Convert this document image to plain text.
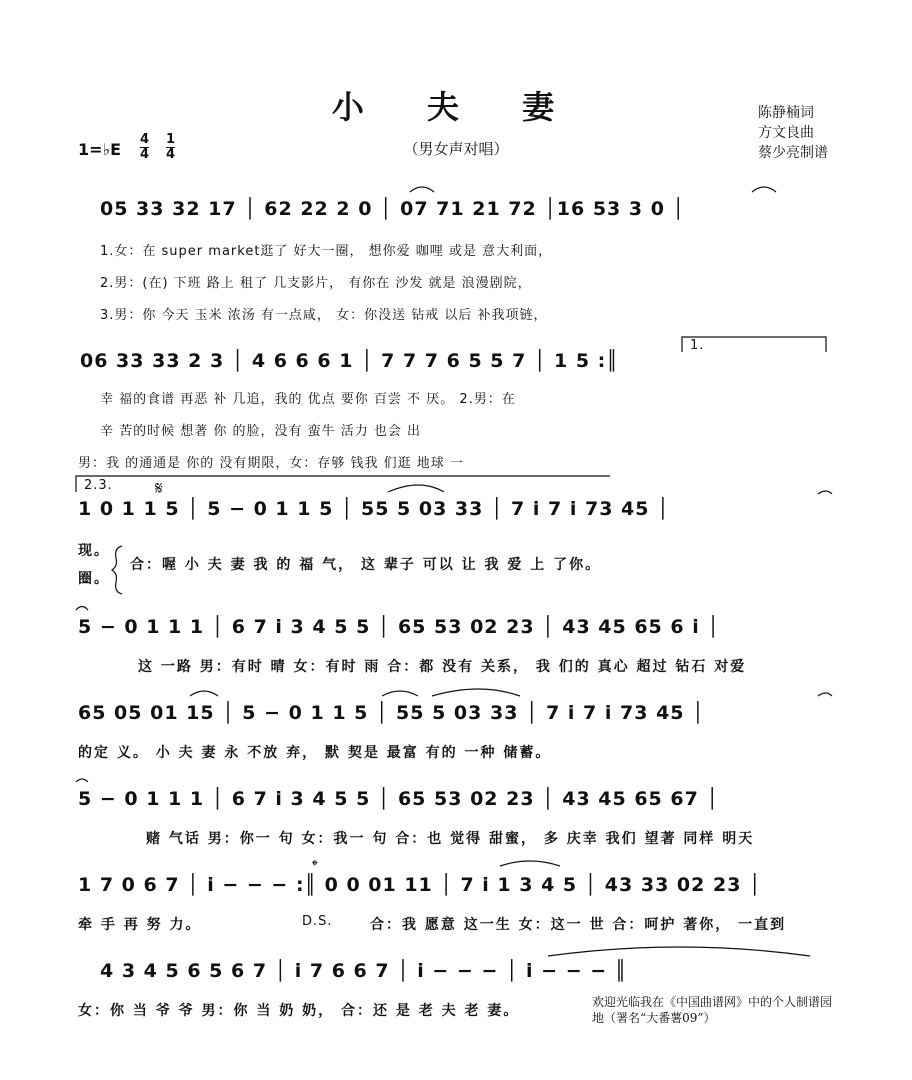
小 夫 妻
（男女声对唱）
陈静楠词
方文良曲
蔡少亮制谱
1=♭E
4
4
1
4
05 33 32 17 │ 62 22 2 0 │ 07 71 21 72 │16 53 3 0 │
1.女：在 super market逛了 好大一圈， 想你爱 咖哩 或是 意大利面，
2.男：(在) 下班 路上 租了 几支影片， 有你在 沙发 就是 浪漫剧院，
3.男：你 今天 玉米 浓汤 有一点咸， 女：你没送 钻戒 以后 补我项链，
1.
06 33 33 2 3 │ 4 6 6 6 1 │ 7 7 7 6 5 5 7 │ 1 5 :║
幸 福的食谱 再恶 补 几追，我的 优点 要你 百尝 不 厌。 2.男：在
辛 苦的时候 想著 你 的脸，没有 蛮牛 活力 也会 出
男：我 的通通是 你的 没有期限，女：存够 钱我 们逛 地球 一
2.3. 𝄋
1 0 1 1 5 │ 5 − 0 1 1 5 │ 55 5 03 33 │ 7 i 7 i 73 45 │
现。
圈。
合：喔 小 夫 妻 我 的 福 气， 这 辈子 可以 让 我 爱 上 了你。
5 − 0 1 1 1 │ 6 7 i 3 4 5 5 │ 65 53 02 23 │ 43 45 65 6 i │
这 一路 男：有时 晴 女：有时 雨 合：都 没有 关系， 我 们的 真心 超过 钻石 对爱
65 05 01 15 │ 5 − 0 1 1 5 │ 55 5 03 33 │ 7 i 7 i 73 45 │
的定 义。 小 夫 妻 永 不放 弃， 默 契是 最富 有的 一种 储蓄。
5 − 0 1 1 1 │ 6 7 i 3 4 5 5 │ 65 53 02 23 │ 43 45 65 67 │
赌 气话 男：你一 句 女：我一 句 合：也 觉得 甜蜜， 多 庆幸 我们 望著 同样 明天
𝄌
1 7 0 6 7 │ i − − − :║ 0 0 01 11 │ 7 i 1 3 4 5 │ 43 33 02 23 │
牵 手 再 努 力。	D.S.	合：我 愿意 这一生 女：这一 世 合：呵护 著你， 一直到
4 3 4 5 6 5 6 7 │ i 7 6 6 7 │ i − − − │ i − − − ║
女：你 当 爷 爷 男：你 当 奶 奶， 合：还 是 老 夫 老 妻。
欢迎光临我在《中国曲谱网》中的个人制谱园地（署名“大番薯09”）
